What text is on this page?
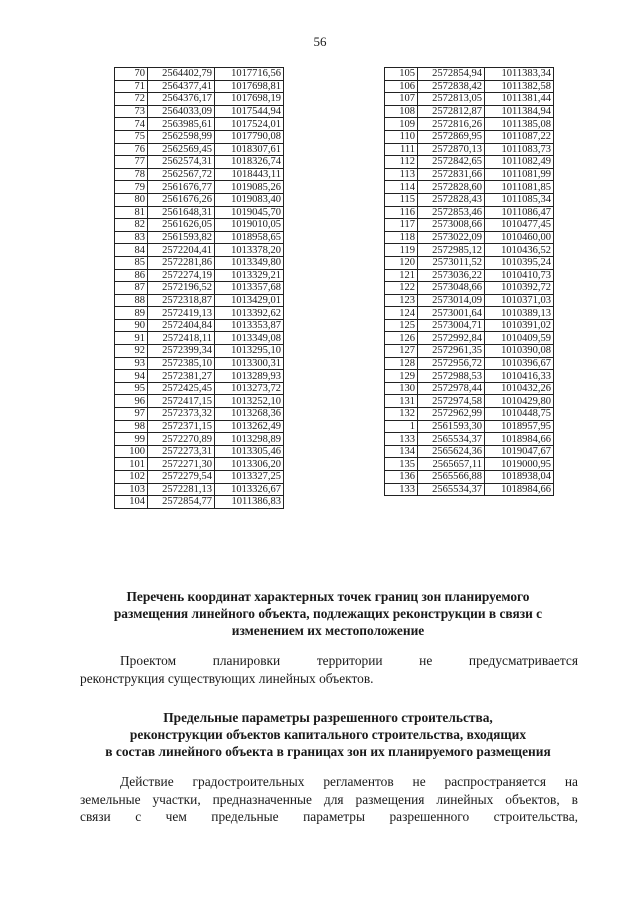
56
70	2564402,79	1017716,56
71	2564377,41	1017698,81
72	2564376,17	1017698,19
73	2564033,09	1017544,94
74	2563985,61	1017524,01
75	2562598,99	1017790,08
76	2562569,45	1018307,61
77	2562574,31	1018326,74
78	2562567,72	1018443,11
79	2561676,77	1019085,26
80	2561676,26	1019083,40
81	2561648,31	1019045,70
82	2561626,05	1019010,05
83	2561593,82	1018958,65
84	2572204,41	1013378,20
85	2572281,86	1013349,80
86	2572274,19	1013329,21
87	2572196,52	1013357,68
88	2572318,87	1013429,01
89	2572419,13	1013392,62
90	2572404,84	1013353,87
91	2572418,11	1013349,08
92	2572399,34	1013295,10
93	2572385,10	1013300,31
94	2572381,27	1013289,93
95	2572425,45	1013273,72
96	2572417,15	1013252,10
97	2572373,32	1013268,36
98	2572371,15	1013262,49
99	2572270,89	1013298,89
100	2572273,31	1013305,46
101	2572271,30	1013306,20
102	2572279,54	1013327,25
103	2572281,13	1013326,67
104	2572854,77	1011386,83
105	2572854,94	1011383,34
106	2572838,42	1011382,58
107	2572813,05	1011381,44
108	2572812,87	1011384,94
109	2572816,26	1011385,08
110	2572869,95	1011087,22
111	2572870,13	1011083,73
112	2572842,65	1011082,49
113	2572831,66	1011081,99
114	2572828,60	1011081,85
115	2572828,43	1011085,34
116	2572853,46	1011086,47
117	2573008,66	1010477,45
118	2573022,09	1010460,00
119	2572985,12	1010436,52
120	2573011,52	1010395,24
121	2573036,22	1010410,73
122	2573048,66	1010392,72
123	2573014,09	1010371,03
124	2573001,64	1010389,13
125	2573004,71	1010391,02
126	2572992,84	1010409,59
127	2572961,35	1010390,08
128	2572956,72	1010396,67
129	2572988,53	1010416,33
130	2572978,44	1010432,26
131	2572974,58	1010429,80
132	2572962,99	1010448,75
1	2561593,30	1018957,95
133	2565534,37	1018984,66
134	2565624,36	1019047,67
135	2565657,11	1019000,95
136	2565566,88	1018938,04
133	2565534,37	1018984,66
Перечень координат характерных точек границ зон планируемого
размещения линейного объекта, подлежащих реконструкции в связи с
изменением их местоположение
Проектом планировки территории не предусматривается
реконструкция существующих линейных объектов.
Предельные параметры разрешенного строительства,
реконструкции объектов капитального строительства, входящих
в состав линейного объекта в границах зон их планируемого размещения
Действие градостроительных регламентов не распространяется на
земельные участки, предназначенные для размещения линейных объектов, в
связи с чем предельные параметры разрешенного строительства,
